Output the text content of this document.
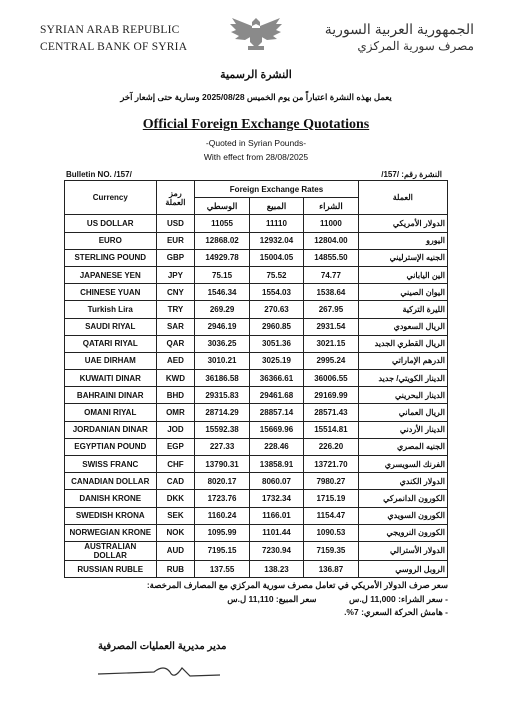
SYRIAN ARAB REPUBLIC
CENTRAL BANK OF SYRIA
الجمهورية العربية السورية
مصرف سورية المركزي
النشرة الرسمية
يعمل بهذه النشرة اعتباراً من يوم الخميس 2025/08/28 وسارية حتى إشعار آخر
Official Foreign Exchange Quotations
-Quoted in Syrian Pounds-
With effect from 28/08/2025
Bulletin NO. /157/	النشرة رقم: /157/
Currency	رمز العملة	Foreign Exchange Rates			العملة
		الوسطي	المبيع	الشراء	
US DOLLAR	USD	11055	11110	11000	الدولار الأمريكي
EURO	EUR	12868.02	12932.04	12804.00	اليورو
STERLING POUND	GBP	14929.78	15004.05	14855.50	الجنيه الإسترليني
JAPANESE YEN	JPY	75.15	75.52	74.77	الين الياباني
CHINESE YUAN	CNY	1546.34	1554.03	1538.64	اليوان الصيني
Turkish Lira	TRY	269.29	270.63	267.95	الليرة التركية
SAUDI RIYAL	SAR	2946.19	2960.85	2931.54	الريال السعودي
QATARI RIYAL	QAR	3036.25	3051.36	3021.15	الريال القطري الجديد
UAE DIRHAM	AED	3010.21	3025.19	2995.24	الدرهم الإماراتي
KUWAITI DINAR	KWD	36186.58	36366.61	36006.55	الدينار الكويتي/ جديد
BAHRAINI DINAR	BHD	29315.83	29461.68	29169.99	الدينار البحريني
OMANI RIYAL	OMR	28714.29	28857.14	28571.43	الريال العماني
JORDANIAN DINAR	JOD	15592.38	15669.96	15514.81	الدينار الأردني
EGYPTIAN POUND	EGP	227.33	228.46	226.20	الجنيه المصري
SWISS FRANC	CHF	13790.31	13858.91	13721.70	الفرنك السويسري
CANADIAN DOLLAR	CAD	8020.17	8060.07	7980.27	الدولار الكندي
DANISH KRONE	DKK	1723.76	1732.34	1715.19	الكورون الدانمركي
SWEDISH KRONA	SEK	1160.24	1166.01	1154.47	الكورون السويدي
NORWEGIAN KRONE	NOK	1095.99	1101.44	1090.53	الكورون النرويجي
AUSTRALIAN DOLLAR	AUD	7195.15	7230.94	7159.35	الدولار الأسترالي
RUSSIAN RUBLE	RUB	137.55	138.23	136.87	الروبل الروسي
سعر صرف الدولار الأمريكي في تعامل مصرف سورية المركزي مع المصارف المرخصة:
- سعر الشراء: 11,000 ل.س سعر المبيع: 11,110 ل.س
- هامش الحركة السعري: 7%.
مدير مديرية العمليات المصرفية
